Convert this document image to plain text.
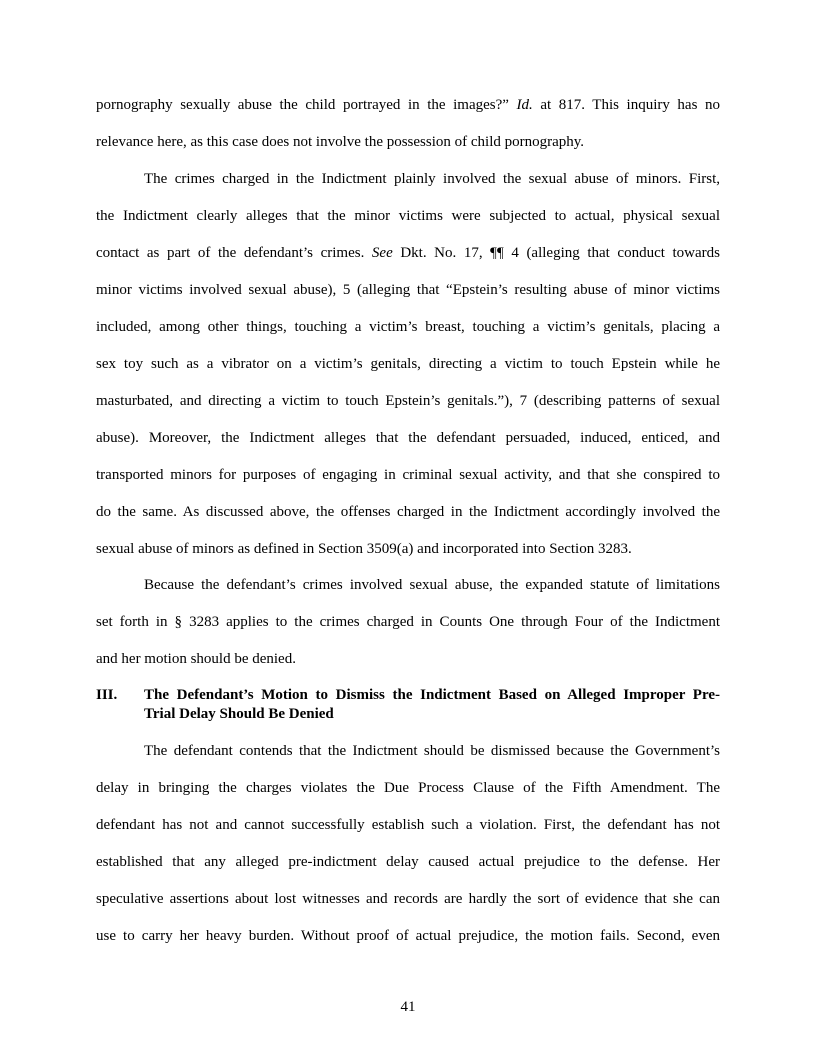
pornography sexually abuse the child portrayed in the images?” Id. at 817. This inquiry has no
relevance here, as this case does not involve the possession of child pornography.
The crimes charged in the Indictment plainly involved the sexual abuse of minors. First,
the Indictment clearly alleges that the minor victims were subjected to actual, physical sexual
contact as part of the defendant’s crimes. See Dkt. No. 17, ¶¶ 4 (alleging that conduct towards
minor victims involved sexual abuse), 5 (alleging that “Epstein’s resulting abuse of minor victims
included, among other things, touching a victim’s breast, touching a victim’s genitals, placing a
sex toy such as a vibrator on a victim’s genitals, directing a victim to touch Epstein while he
masturbated, and directing a victim to touch Epstein’s genitals.”), 7 (describing patterns of sexual
abuse). Moreover, the Indictment alleges that the defendant persuaded, induced, enticed, and
transported minors for purposes of engaging in criminal sexual activity, and that she conspired to
do the same. As discussed above, the offenses charged in the Indictment accordingly involved the
sexual abuse of minors as defined in Section 3509(a) and incorporated into Section 3283.
Because the defendant’s crimes involved sexual abuse, the expanded statute of limitations
set forth in § 3283 applies to the crimes charged in Counts One through Four of the Indictment
and her motion should be denied.
III. The Defendant’s Motion to Dismiss the Indictment Based on Alleged Improper Pre-
Trial Delay Should Be Denied
The defendant contends that the Indictment should be dismissed because the Government’s
delay in bringing the charges violates the Due Process Clause of the Fifth Amendment. The
defendant has not and cannot successfully establish such a violation. First, the defendant has not
established that any alleged pre-indictment delay caused actual prejudice to the defense. Her
speculative assertions about lost witnesses and records are hardly the sort of evidence that she can
use to carry her heavy burden. Without proof of actual prejudice, the motion fails. Second, even
41
